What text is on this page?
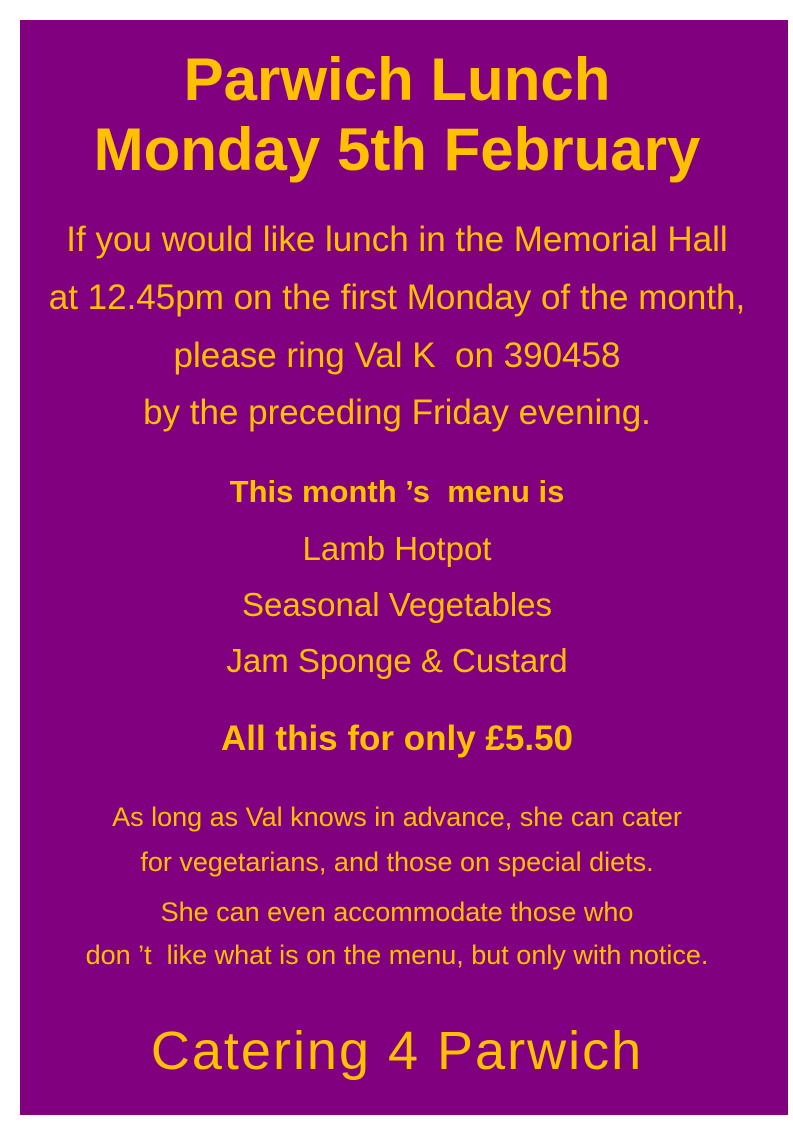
Parwich Lunch
Monday 5th February
If you would like lunch in the Memorial Hall
at 12.45pm on the first Monday of the month,
please ring Val K  on 390458
by the preceding Friday evening.
This month ’s  menu is
Lamb Hotpot
Seasonal Vegetables
Jam Sponge & Custard
All this for only £5.50
As long as Val knows in advance, she can cater
for vegetarians, and those on special diets.
She can even accommodate those who
don ’t  like what is on the menu, but only with notice.
Catering 4 Parwich
